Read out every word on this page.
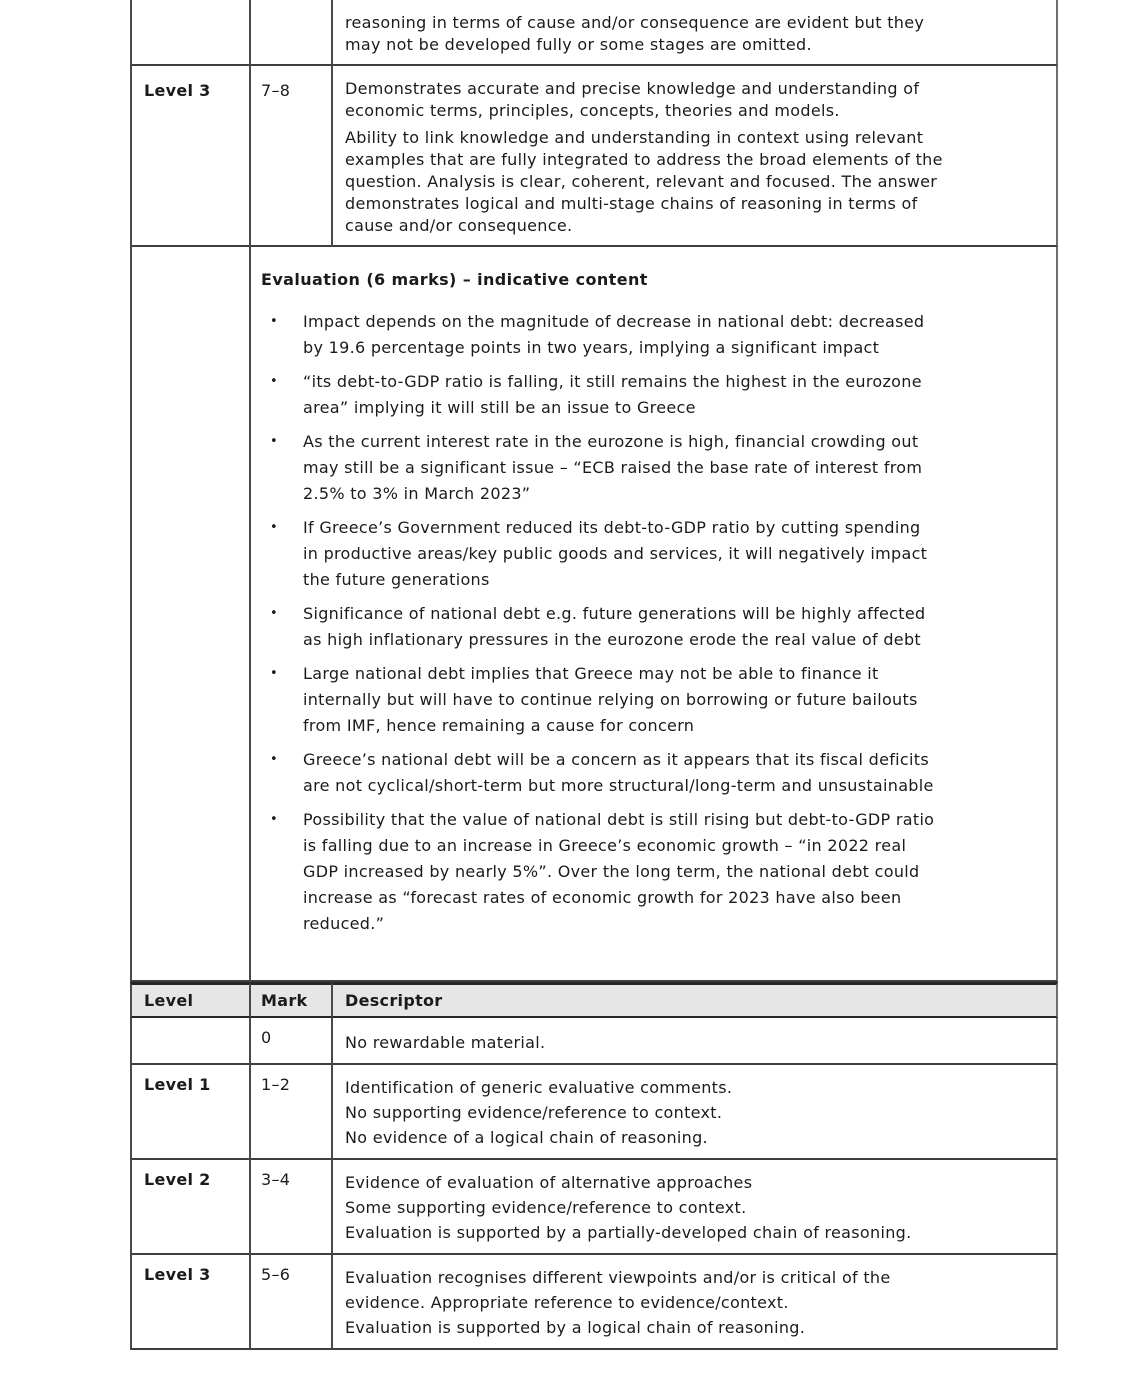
		reasoning in terms of cause and/or consequence are evident but they
may not be developed fully or some stages are omitted.

Level 3	7–8	Demonstrates accurate and precise knowledge and understanding of
economic terms, principles, concepts, theories and models.
Ability to link knowledge and understanding in context using relevant
examples that are fully integrated to address the broad elements of the
question. Analysis is clear, coherent, relevant and focused. The answer
demonstrates logical and multi-stage chains of reasoning in terms of
cause and/or consequence.

Evaluation (6 marks) – indicative content
•	Impact depends on the magnitude of decrease in national debt: decreased
by 19.6 percentage points in two years, implying a significant impact
•	“its debt-to-GDP ratio is falling, it still remains the highest in the eurozone
area” implying it will still be an issue to Greece
•	As the current interest rate in the eurozone is high, financial crowding out
may still be a significant issue – “ECB raised the base rate of interest from
2.5% to 3% in March 2023”
•	If Greece’s Government reduced its debt-to-GDP ratio by cutting spending
in productive areas/key public goods and services, it will negatively impact
the future generations
•	Significance of national debt e.g. future generations will be highly affected
as high inflationary pressures in the eurozone erode the real value of debt
•	Large national debt implies that Greece may not be able to finance it
internally but will have to continue relying on borrowing or future bailouts
from IMF, hence remaining a cause for concern
•	Greece’s national debt will be a concern as it appears that its fiscal deficits
are not cyclical/short-term but more structural/long-term and unsustainable
•	Possibility that the value of national debt is still rising but debt-to-GDP ratio
is falling due to an increase in Greece’s economic growth – “in 2022 real
GDP increased by nearly 5%”. Over the long term, the national debt could
increase as “forecast rates of economic growth for 2023 have also been
reduced.”

Level	Mark	Descriptor
	0	No rewardable material.

Level 1	1–2	Identification of generic evaluative comments.
No supporting evidence/reference to context.
No evidence of a logical chain of reasoning.

Level 2	3–4	Evidence of evaluation of alternative approaches
Some supporting evidence/reference to context.
Evaluation is supported by a partially-developed chain of reasoning.

Level 3	5–6	Evaluation recognises different viewpoints and/or is critical of the
evidence. Appropriate reference to evidence/context.
Evaluation is supported by a logical chain of reasoning.
